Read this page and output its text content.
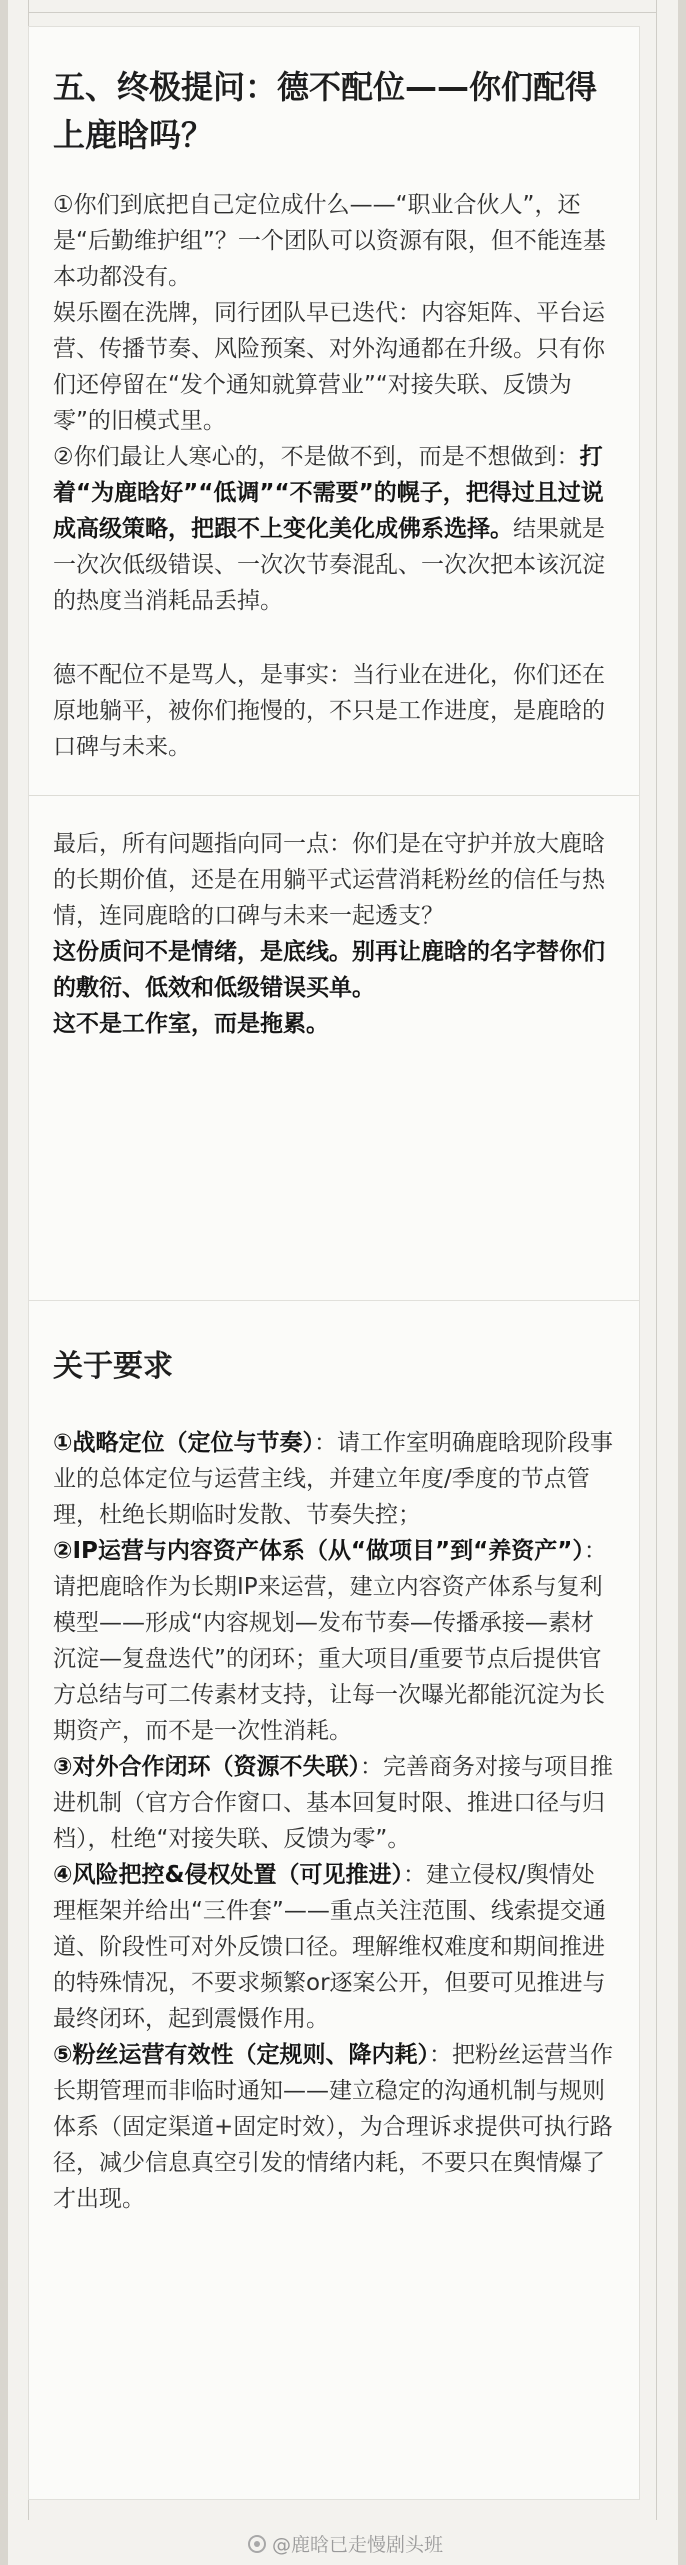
五、终极提问：德不配位——你们配得上鹿晗吗？

①你们到底把自己定位成什么——“职业合伙人”，还是“后勤维护组”？一个团队可以资源有限，但不能连基本功都没有。

娱乐圈在洗牌，同行团队早已迭代：内容矩阵、平台运营、传播节奏、风险预案、对外沟通都在升级。只有你们还停留在“发个通知就算营业”“对接失联、反馈为零”的旧模式里。

②你们最让人寒心的，不是做不到，而是不想做到：打着“为鹿晗好”“低调”“不需要”的幌子，把得过且过说成高级策略，把跟不上变化美化成佛系选择。结果就是一次次低级错误、一次次节奏混乱、一次次把本该沉淀的热度当消耗品丢掉。

德不配位不是骂人，是事实：当行业在进化，你们还在原地躺平，被你们拖慢的，不只是工作进度，是鹿晗的口碑与未来。

最后，所有问题指向同一点：你们是在守护并放大鹿晗的长期价值，还是在用躺平式运营消耗粉丝的信任与热情，连同鹿晗的口碑与未来一起透支？

这份质问不是情绪，是底线。别再让鹿晗的名字替你们的敷衍、低效和低级错误买单。

这不是工作室，而是拖累。

关于要求

①战略定位（定位与节奏）：请工作室明确鹿晗现阶段事业的总体定位与运营主线，并建立年度/季度的节点管理，杜绝长期临时发散、节奏失控；

②IP运营与内容资产体系（从“做项目”到“养资产”）：请把鹿晗作为长期IP来运营，建立内容资产体系与复利模型——形成“内容规划—发布节奏—传播承接—素材沉淀—复盘迭代”的闭环；重大项目/重要节点后提供官方总结与可二传素材支持，让每一次曝光都能沉淀为长期资产，而不是一次性消耗。

③对外合作闭环（资源不失联）：完善商务对接与项目推进机制（官方合作窗口、基本回复时限、推进口径与归档），杜绝“对接失联、反馈为零”。

④风险把控&侵权处置（可见推进）：建立侵权/舆情处理框架并给出“三件套”——重点关注范围、线索提交通道、阶段性可对外反馈口径。理解维权难度和期间推进的特殊情况，不要求频繁or逐案公开，但要可见推进与最终闭环，起到震慑作用。

⑤粉丝运营有效性（定规则、降内耗）：把粉丝运营当作长期管理而非临时通知——建立稳定的沟通机制与规则体系（固定渠道+固定时效），为合理诉求提供可执行路径，减少信息真空引发的情绪内耗，不要只在舆情爆了才出现。

@鹿晗已走慢剧头班
